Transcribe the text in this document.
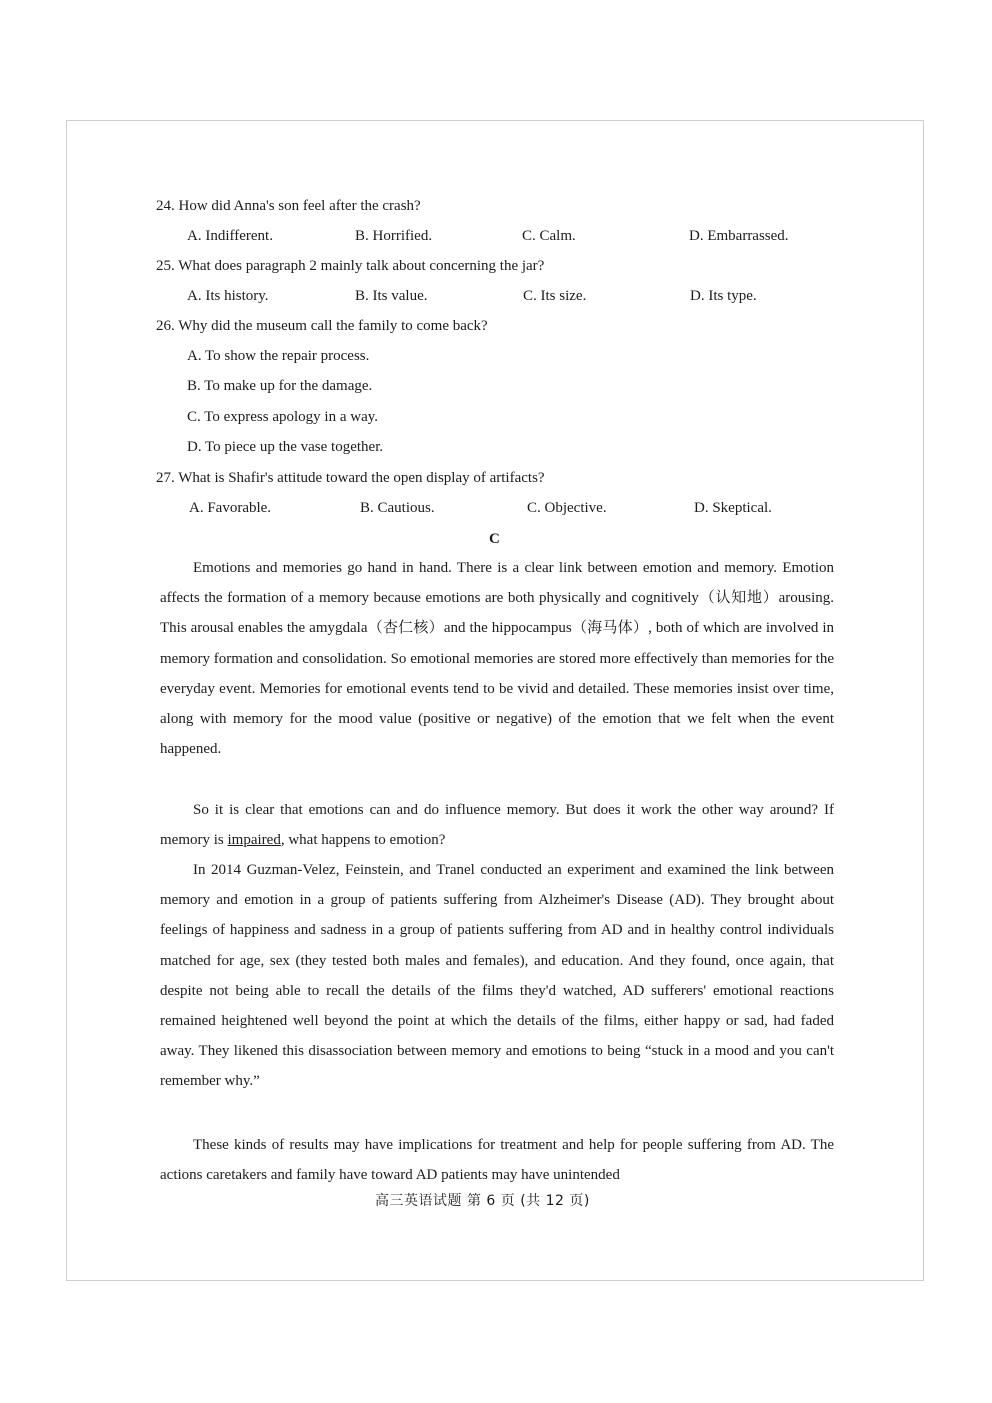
24. How did Anna's son feel after the crash?
A. Indifferent.	B. Horrified.	C. Calm.	D. Embarrassed.
25. What does paragraph 2 mainly talk about concerning the jar?
A. Its history.	B. Its value.	C. Its size.	D. Its type.
26. Why did the museum call the family to come back?
A. To show the repair process.
B. To make up for the damage.
C. To express apology in a way.
D. To piece up the vase together.
27. What is Shafir's attitude toward the open display of artifacts?
A. Favorable.	B. Cautious.	C. Objective.	D. Skeptical.
C

Emotions and memories go hand in hand. There is a clear link between emotion and memory. Emotion affects the formation of a memory because emotions are both physically and cognitively（认知地）arousing. This arousal enables the amygdala（杏仁核）and the hippocampus（海马体）, both of which are involved in memory formation and consolidation. So emotional memories are stored more effectively than memories for the everyday event. Memories for emotional events tend to be vivid and detailed. These memories insist over time, along with memory for the mood value (positive or negative) of the emotion that we felt when the event happened.

So it is clear that emotions can and do influence memory. But does it work the other way around? If memory is impaired, what happens to emotion?

In 2014 Guzman-Velez, Feinstein, and Tranel conducted an experiment and examined the link between memory and emotion in a group of patients suffering from Alzheimer's Disease (AD). They brought about feelings of happiness and sadness in a group of patients suffering from AD and in healthy control individuals matched for age, sex (they tested both males and females), and education. And they found, once again, that despite not being able to recall the details of the films they'd watched, AD sufferers' emotional reactions remained heightened well beyond the point at which the details of the films, either happy or sad, had faded away. They likened this disassociation between memory and emotions to being “stuck in a mood and you can't remember why.”

These kinds of results may have implications for treatment and help for people suffering from AD. The actions caretakers and family have toward AD patients may have unintended

高三英语试题 第 6 页 (共 12 页)
